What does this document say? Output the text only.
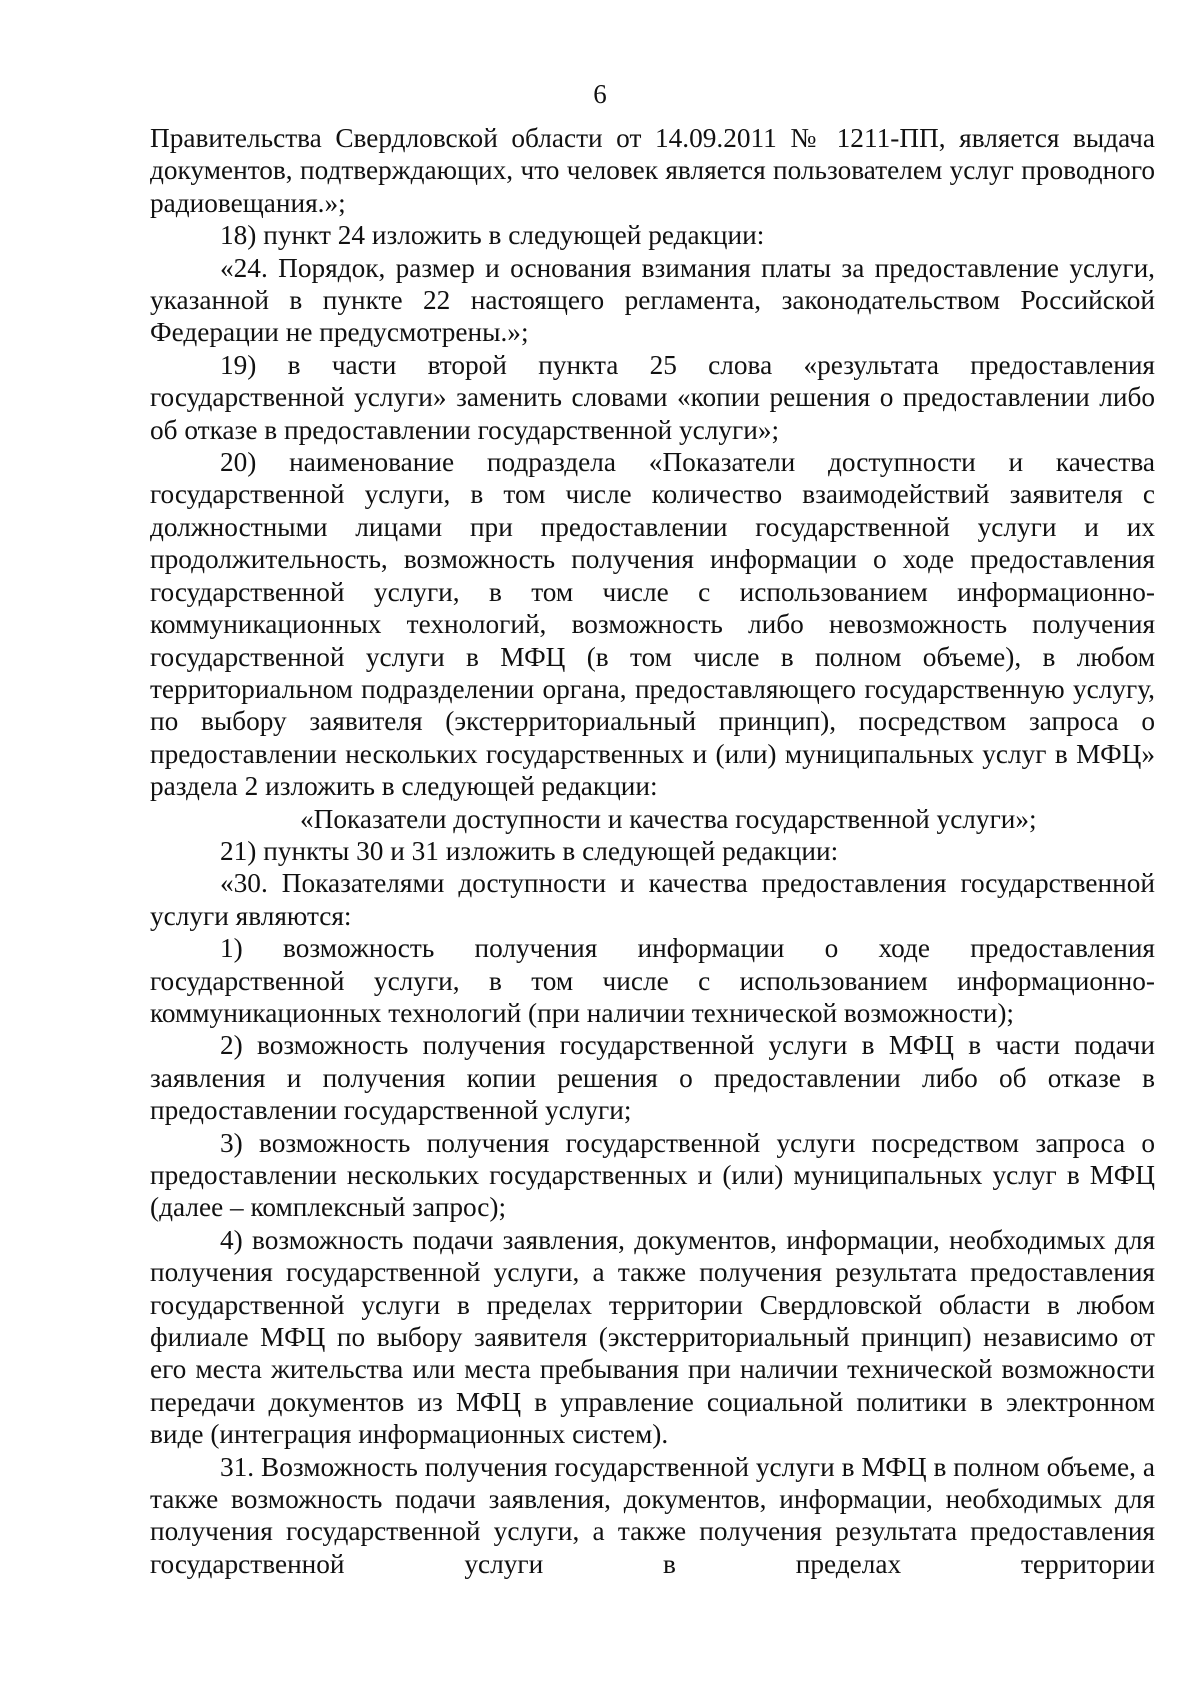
6

Правительства Свердловской области от 14.09.2011 № 1211-ПП, является выдача документов, подтверждающих, что человек является пользователем услуг проводного радиовещания.»;

18) пункт 24 изложить в следующей редакции:

«24. Порядок, размер и основания взимания платы за предоставление услуги, указанной в пункте 22 настоящего регламента, законодательством Российской Федерации не предусмотрены.»;

19) в части второй пункта 25 слова «результата предоставления государственной услуги» заменить словами «копии решения о предоставлении либо об отказе в предоставлении государственной услуги»;

20) наименование подраздела «Показатели доступности и качества государственной услуги, в том числе количество взаимодействий заявителя с должностными лицами при предоставлении государственной услуги и их продолжительность, возможность получения информации о ходе предоставления государственной услуги, в том числе с использованием информационно-коммуникационных технологий, возможность либо невозможность получения государственной услуги в МФЦ (в том числе в полном объеме), в любом территориальном подразделении органа, предоставляющего государственную услугу, по выбору заявителя (экстерриториальный принцип), посредством запроса о предоставлении нескольких государственных и (или) муниципальных услуг в МФЦ» раздела 2 изложить в следующей редакции:

«Показатели доступности и качества государственной услуги»;

21) пункты 30 и 31 изложить в следующей редакции:

«30. Показателями доступности и качества предоставления государственной услуги являются:

1) возможность получения информации о ходе предоставления государственной услуги, в том числе с использованием информационно-коммуникационных технологий (при наличии технической возможности);

2) возможность получения государственной услуги в МФЦ в части подачи заявления и получения копии решения о предоставлении либо об отказе в предоставлении государственной услуги;

3) возможность получения государственной услуги посредством запроса о предоставлении нескольких государственных и (или) муниципальных услуг в МФЦ (далее – комплексный запрос);

4) возможность подачи заявления, документов, информации, необходимых для получения государственной услуги, а также получения результата предоставления государственной услуги в пределах территории Свердловской области в любом филиале МФЦ по выбору заявителя (экстерриториальный принцип) независимо от его места жительства или места пребывания при наличии технической возможности передачи документов из МФЦ в управление социальной политики в электронном виде (интеграция информационных систем).

31. Возможность получения государственной услуги в МФЦ в полном объеме, а также возможность подачи заявления, документов, информации, необходимых для получения государственной услуги, а также получения результата предоставления государственной услуги в пределах территории
